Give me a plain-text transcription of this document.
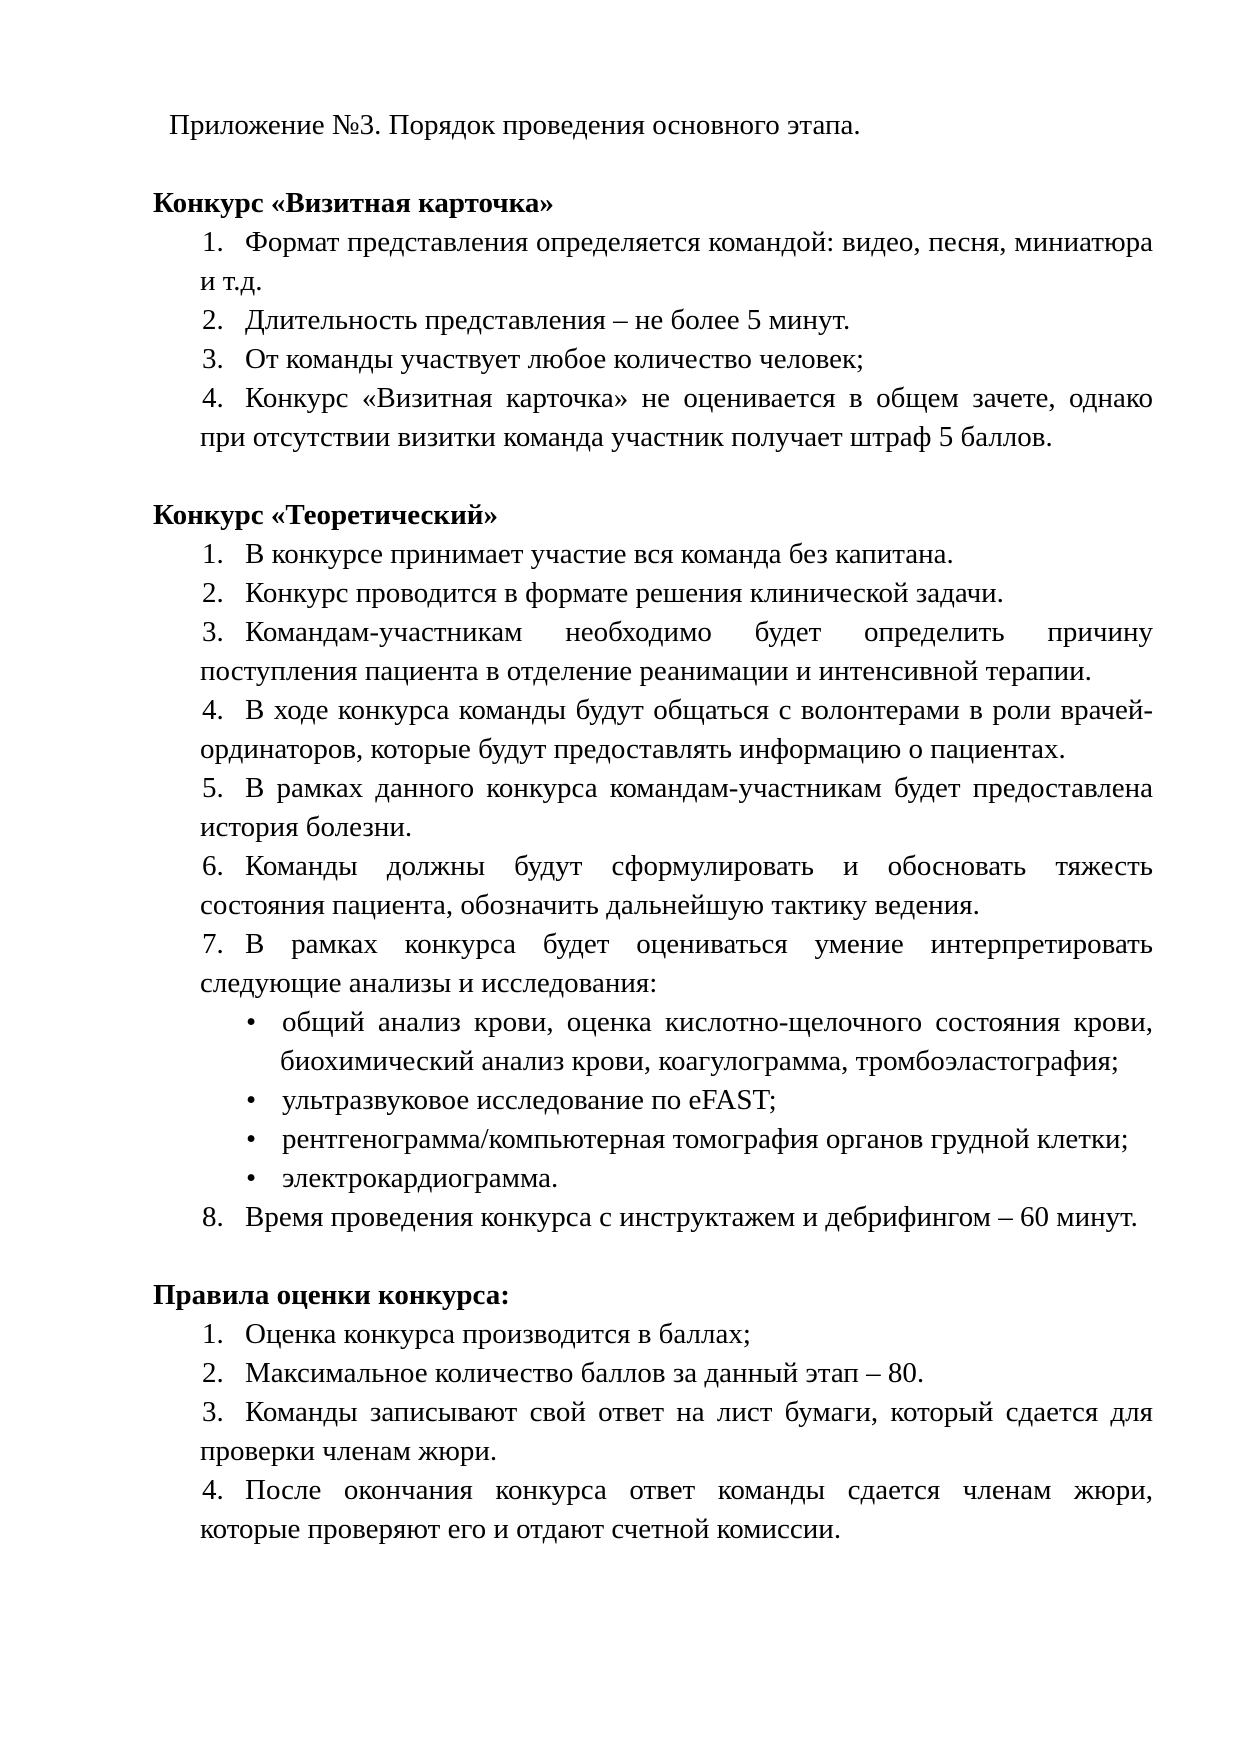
Приложение №3. Порядок проведения основного этапа.

Конкурс «Визитная карточка»

1. Формат представления определяется командой: видео, песня, миниатюра и т.д.

2. Длительность представления – не более 5 минут.

3. От команды участвует любое количество человек;

4. Конкурс «Визитная карточка» не оценивается в общем зачете, однако при отсутствии визитки команда участник получает штраф 5 баллов.

Конкурс «Теоретический»

1. В конкурсе принимает участие вся команда без капитана.

2. Конкурс проводится в формате решения клинической задачи.

3. Командам-участникам необходимо будет определить причину поступления пациента в отделение реанимации и интенсивной терапии.

4. В ходе конкурса команды будут общаться с волонтерами в роли врачей-ординаторов, которые будут предоставлять информацию о пациентах.

5. В рамках данного конкурса командам-участникам будет предоставлена история болезни.

6. Команды должны будут сформулировать и обосновать тяжесть состояния пациента, обозначить дальнейшую тактику ведения.

7. В рамках конкурса будет оцениваться умение интерпретировать следующие анализы и исследования:

• общий анализ крови, оценка кислотно-щелочного состояния крови, биохимический анализ крови, коагулограмма, тромбоэластография;

• ультразвуковое исследование по eFAST;

• рентгенограмма/компьютерная томография органов грудной клетки;

• электрокардиограмма.

8. Время проведения конкурса с инструктажем и дебрифингом – 60 минут.

Правила оценки конкурса:

1. Оценка конкурса производится в баллах;

2. Максимальное количество баллов за данный этап – 80.

3. Команды записывают свой ответ на лист бумаги, который сдается для проверки членам жюри.

4. После окончания конкурса ответ команды сдается членам жюри, которые проверяют его и отдают счетной комиссии.
